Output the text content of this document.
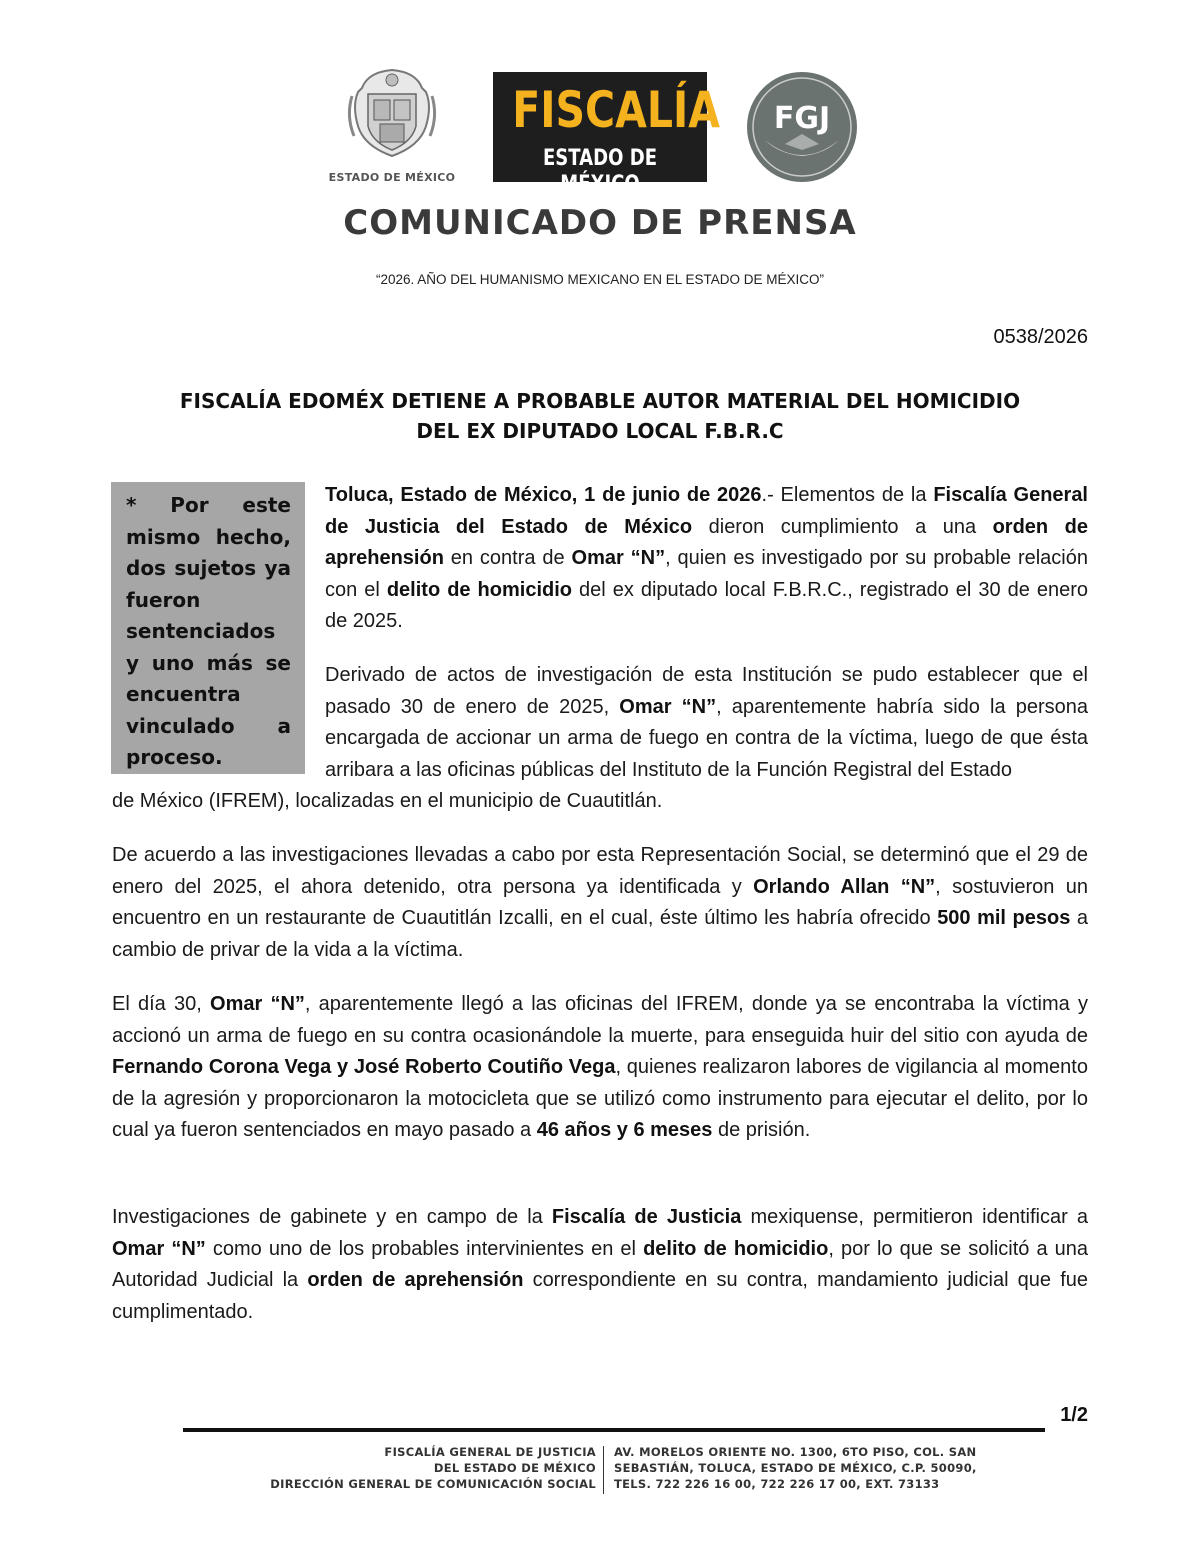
ESTADO DE MÉXICO
FISCALÍA
ESTADO DE MÉXICO
FGJ
COMUNICADO DE PRENSA
“2026. AÑO DEL HUMANISMO MEXICANO EN EL ESTADO DE MÉXICO”
0538/2026
FISCALÍA EDOMÉX DETIENE A PROBABLE AUTOR MATERIAL DEL HOMICIDIO
DEL EX DIPUTADO LOCAL F.B.R.C
* Por este mismo hecho, dos sujetos ya fueron sentenciados y uno más se encuentra vinculado a proceso.
Toluca, Estado de México, 1 de junio de 2026.- Elementos de la Fiscalía General de Justicia del Estado de México dieron cumplimiento a una orden de aprehensión en contra de Omar “N”, quien es investigado por su probable relación con el delito de homicidio del ex diputado local F.B.R.C., registrado el 30 de enero de 2025.
Derivado de actos de investigación de esta Institución se pudo establecer que el pasado 30 de enero de 2025, Omar “N”, aparentemente habría sido la persona encargada de accionar un arma de fuego en contra de la víctima, luego de que ésta arribara a las oficinas públicas del Instituto de la Función Registral del Estado
de México (IFREM), localizadas en el municipio de Cuautitlán.
De acuerdo a las investigaciones llevadas a cabo por esta Representación Social, se determinó que el 29 de enero del 2025, el ahora detenido, otra persona ya identificada y Orlando Allan “N”, sostuvieron un encuentro en un restaurante de Cuautitlán Izcalli, en el cual, éste último les habría ofrecido 500 mil pesos a cambio de privar de la vida a la víctima.
El día 30, Omar “N”, aparentemente llegó a las oficinas del IFREM, donde ya se encontraba la víctima y accionó un arma de fuego en su contra ocasionándole la muerte, para enseguida huir del sitio con ayuda de Fernando Corona Vega y José Roberto Coutiño Vega, quienes realizaron labores de vigilancia al momento de la agresión y proporcionaron la motocicleta que se utilizó como instrumento para ejecutar el delito, por lo cual ya fueron sentenciados en mayo pasado a 46 años y 6 meses de prisión.
Investigaciones de gabinete y en campo de la Fiscalía de Justicia mexiquense, permitieron identificar a Omar “N” como uno de los probables intervinientes en el delito de homicidio, por lo que se solicitó a una Autoridad Judicial la orden de aprehensión correspondiente en su contra, mandamiento judicial que fue cumplimentado.
1/2
FISCALÍA GENERAL DE JUSTICIA
DEL ESTADO DE MÉXICO
DIRECCIÓN GENERAL DE COMUNICACIÓN SOCIAL
AV. MORELOS ORIENTE NO. 1300, 6TO PISO, COL. SAN
SEBASTIÁN, TOLUCA, ESTADO DE MÉXICO, C.P. 50090,
TELS. 722 226 16 00, 722 226 17 00, EXT. 73133
